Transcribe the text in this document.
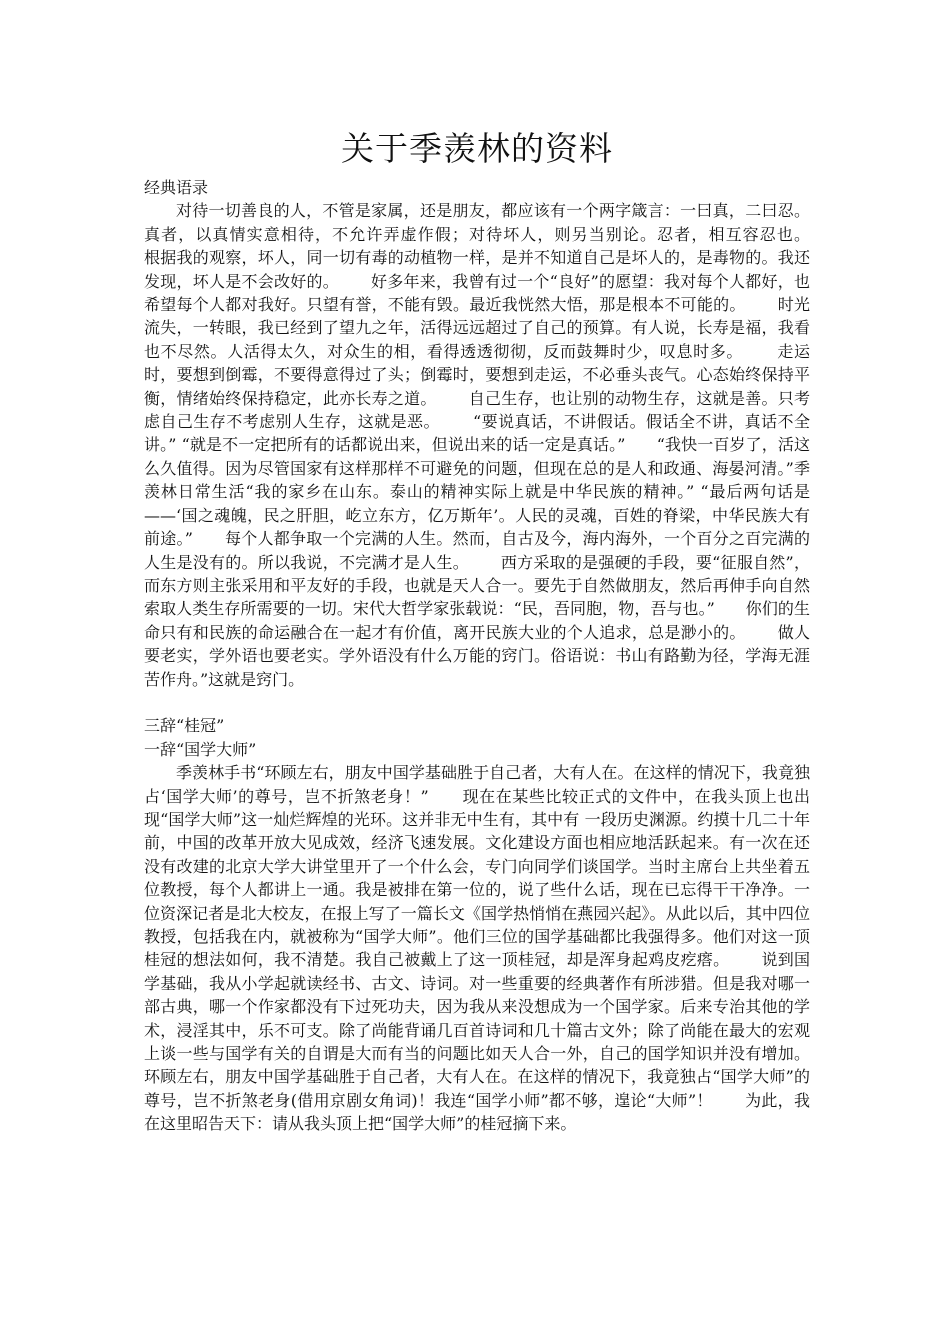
关于季羡林的资料

经典语录

对待一切善良的人，不管是家属，还是朋友，都应该有一个两字箴言：一曰真，二曰忍。真者，以真情实意相待，不允许弄虚作假；对待坏人，则另当别论。忍者，相互容忍也。      根据我的观察，坏人，同一切有毒的动植物一样，是并不知道自己是坏人的，是毒物的。我还发现，坏人是不会改好的。      好多年来，我曾有过一个“良好”的愿望：我对每个人都好，也希望每个人都对我好。只望有誉，不能有毁。最近我恍然大悟，那是根本不可能的。      时光流失，一转眼，我已经到了望九之年，活得远远超过了自己的预算。有人说，长寿是福，我看也不尽然。人活得太久，对众生的相，看得透透彻彻，反而鼓舞时少，叹息时多。      走运时，要想到倒霉，不要得意得过了头；倒霉时，要想到走运，不必垂头丧气。心态始终保持平衡，情绪始终保持稳定，此亦长寿之道。      自己生存，也让别的动物生存，这就是善。只考虑自己生存不考虑别人生存，这就是恶。      “要说真话，不讲假话。假话全不讲，真话不全讲。” “就是不一定把所有的话都说出来，但说出来的话一定是真话。”      “我快一百岁了，活这么久值得。因为尽管国家有这样那样不可避免的问题，但现在总的是人和政通、海晏河清。”季羡林日常生活“我的家乡在山东。泰山的精神实际上就是中华民族的精神。” “最后两句话是——‘国之魂魄，民之肝胆，屹立东方，亿万斯年’。人民的灵魂，百姓的脊梁，中华民族大有前途。”      每个人都争取一个完满的人生。然而，自古及今，海内海外，一个百分之百完满的人生是没有的。所以我说，不完满才是人生。      西方采取的是强硬的手段，要“征服自然”，而东方则主张采用和平友好的手段，也就是天人合一。要先于自然做朋友，然后再伸手向自然索取人类生存所需要的一切。宋代大哲学家张载说：“民，吾同胞，物，吾与也。”      你们的生命只有和民族的命运融合在一起才有价值，离开民族大业的个人追求，总是渺小的。      做人要老实，学外语也要老实。学外语没有什么万能的窍门。俗语说：书山有路勤为径，学海无涯苦作舟。”这就是窍门。

三辞“桂冠”

一辞“国学大师”

季羡林手书“环顾左右，朋友中国学基础胜于自己者，大有人在。在这样的情况下，我竟独占‘国学大师’的尊号，岂不折煞老身！”      现在在某些比较正式的文件中，在我头顶上也出现“国学大师”这一灿烂辉煌的光环。这并非无中生有，其中有 一段历史渊源。约摸十几二十年前，中国的改革开放大见成效，经济飞速发展。文化建设方面也相应地活跃起来。有一次在还没有改建的北京大学大讲堂里开了一个什么会，专门向同学们谈国学。当时主席台上共坐着五位教授，每个人都讲上一通。我是被排在第一位的，说了些什么话，现在已忘得干干净净。一位资深记者是北大校友，在报上写了一篇长文《国学热悄悄在燕园兴起》。从此以后，其中四位教授，包括我在内，就被称为“国学大师”。他们三位的国学基础都比我强得多。他们对这一顶桂冠的想法如何，我不清楚。我自己被戴上了这一顶桂冠，却是浑身起鸡皮疙瘩。      说到国学基础，我从小学起就读经书、古文、诗词。对一些重要的经典著作有所涉猎。但是我对哪一部古典，哪一个作家都没有下过死功夫，因为我从来没想成为一个国学家。后来专治其他的学术，浸淫其中，乐不可支。除了尚能背诵几百首诗词和几十篇古文外；除了尚能在最大的宏观上谈一些与国学有关的自谓是大而有当的问题比如天人合一外，自己的国学知识并没有增加。环顾左右，朋友中国学基础胜于自己者，大有人在。在这样的情况下，我竟独占“国学大师”的尊号，岂不折煞老身(借用京剧女角词)！我连“国学小师”都不够，遑论“大师”！      为此，我在这里昭告天下：请从我头顶上把“国学大师”的桂冠摘下来。
